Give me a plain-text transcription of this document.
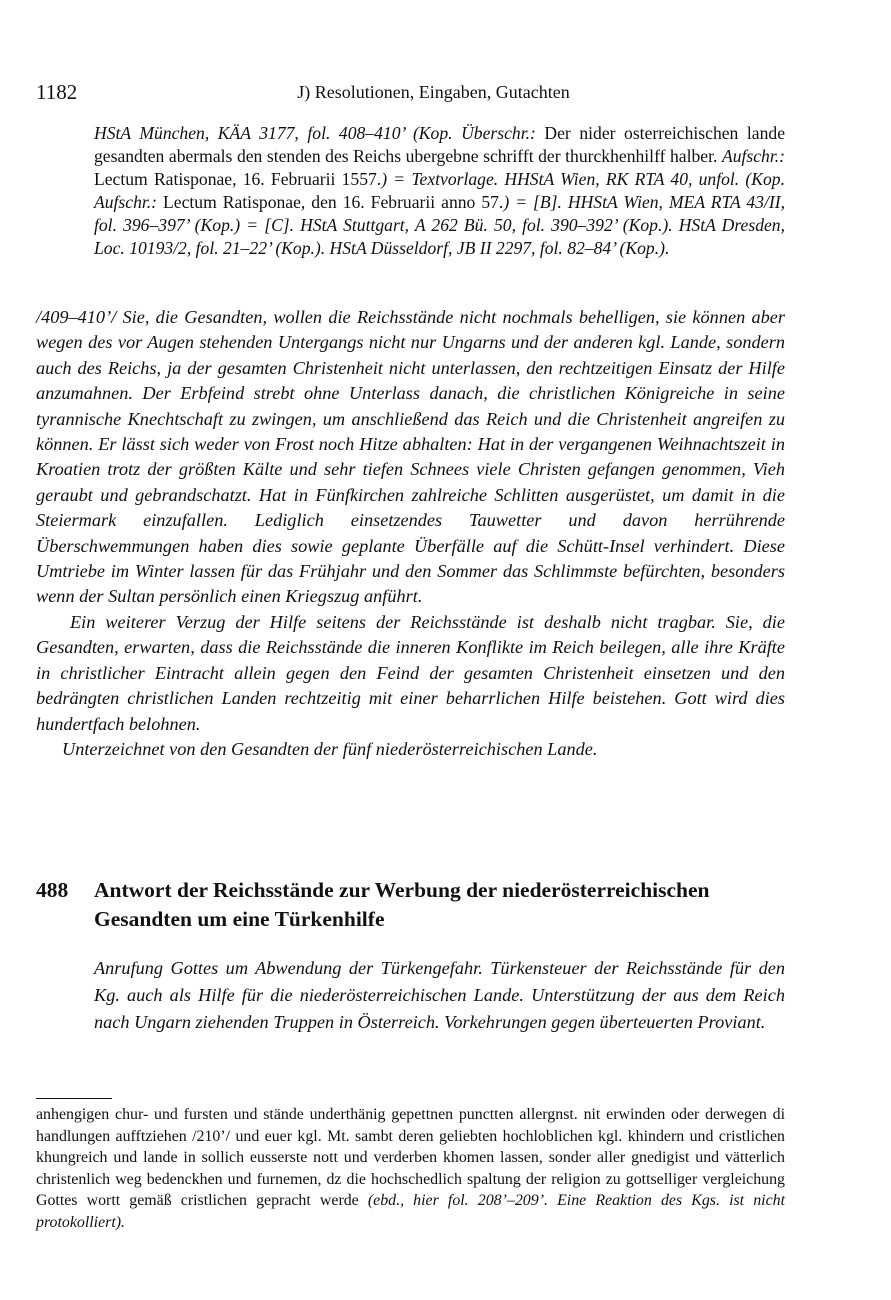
1182	J) Resolutionen, Eingaben, Gutachten
HStA München, KÄA 3177, fol. 408–410’ (Kop. Überschr.: Der nider osterreichischen lande gesandten abermals den stenden des Reichs ubergebne schrifft der thurckhenhilff halber. Aufschr.: Lectum Ratisponae, 16. Februarii 1557.) = Textvorlage. HHStA Wien, RK RTA 40, unfol. (Kop. Aufschr.: Lectum Ratisponae, den 16. Februarii anno 57.) = [B]. HHStA Wien, MEA RTA 43/II, fol. 396–397’ (Kop.) = [C]. HStA Stuttgart, A 262 Bü. 50, fol. 390–392’ (Kop.). HStA Dresden, Loc. 10193/2, fol. 21–22’ (Kop.). HStA Düsseldorf, JB II 2297, fol. 82–84’ (Kop.).

/409–410’/ Sie, die Gesandten, wollen die Reichsstände nicht nochmals behelligen, sie können aber wegen des vor Augen stehenden Untergangs nicht nur Ungarns und der anderen kgl. Lande, sondern auch des Reichs, ja der gesamten Christenheit nicht unterlassen, den rechtzeitigen Einsatz der Hilfe anzumahnen. Der Erbfeind strebt ohne Unterlass danach, die christlichen Königreiche in seine tyrannische Knechtschaft zu zwingen, um anschließend das Reich und die Christenheit angreifen zu können. Er lässt sich weder von Frost noch Hitze abhalten: Hat in der vergangenen Weihnachtszeit in Kroatien trotz der größten Kälte und sehr tiefen Schnees viele Christen gefangen genommen, Vieh geraubt und gebrandschatzt. Hat in Fünfkirchen zahlreiche Schlitten ausgerüstet, um damit in die Steiermark einzufallen. Lediglich einsetzendes Tauwetter und davon herrührende Überschwemmungen haben dies sowie geplante Überfälle auf die Schütt-Insel verhindert. Diese Umtriebe im Winter lassen für das Frühjahr und den Sommer das Schlimmste befürchten, besonders wenn der Sultan persönlich einen Kriegszug anführt.

Ein weiterer Verzug der Hilfe seitens der Reichsstände ist deshalb nicht tragbar. Sie, die Gesandten, erwarten, dass die Reichsstände die inneren Konflikte im Reich beilegen, alle ihre Kräfte in christlicher Eintracht allein gegen den Feind der gesamten Christenheit einsetzen und den bedrängten christlichen Landen rechtzeitig mit einer beharrlichen Hilfe beistehen. Gott wird dies hundertfach belohnen.

Unterzeichnet von den Gesandten der fünf niederösterreichischen Lande.

488 Antwort der Reichsstände zur Werbung der niederösterreichischen Gesandten um eine Türkenhilfe
Anrufung Gottes um Abwendung der Türkengefahr. Türkensteuer der Reichsstände für den Kg. auch als Hilfe für die niederösterreichischen Lande. Unterstützung der aus dem Reich nach Ungarn ziehenden Truppen in Österreich. Vorkehrungen gegen überteuerten Proviant.
anhengigen chur- und fursten und stände underthänig gepettnen punctten allergnst. nit erwinden oder derwegen di handlungen aufftziehen /210’/ und euer kgl. Mt. sambt deren geliebten hochloblichen kgl. khindern und cristlichen khungreich und lande in sollich eusserste nott und verderben khomen lassen, sonder aller gnedigist und vätterlich christenlich weg bedenckhen und furnemen, dz die hochschedlich spaltung der religion zu gottselliger vergleichung Gottes wortt gemäß cristlichen gepracht werde (ebd., hier fol. 208’–209’. Eine Reaktion des Kgs. ist nicht protokolliert).
